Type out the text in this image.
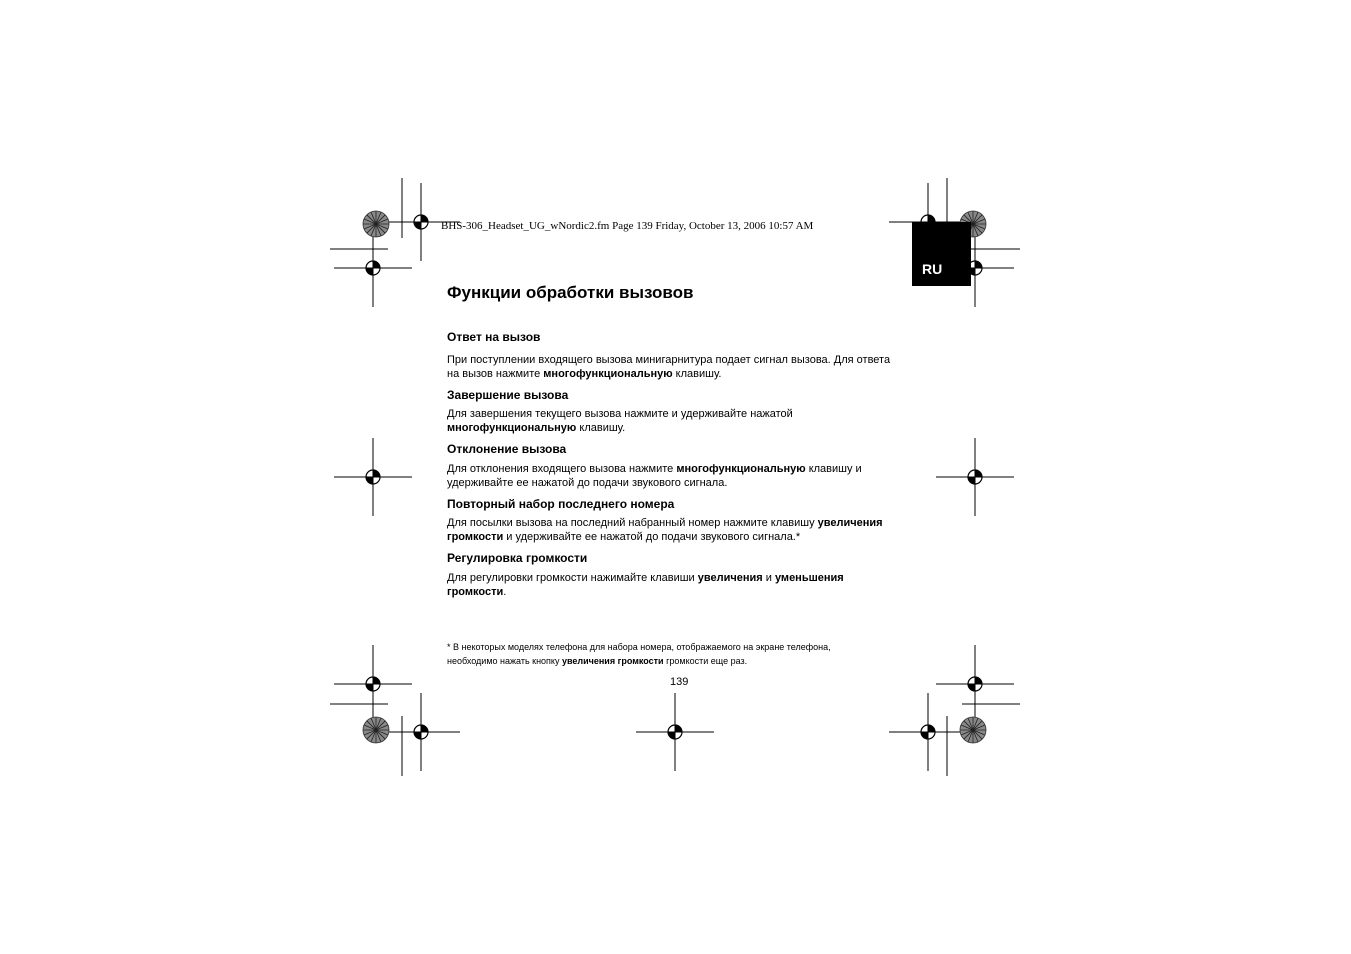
BHS-306_Headset_UG_wNordic2.fm Page 139 Friday, October 13, 2006 10:57 AM
RU
Функции обработки вызовов
Ответ на вызов
При поступлении входящего вызова минигарнитура подает сигнал вызова. Для ответа
на вызов нажмите многофункциональную клавишу.
Завершение вызова
Для завершения текущего вызова нажмите и удерживайте нажатой
многофункциональную клавишу.
Отклонение вызова
Для отклонения входящего вызова нажмите многофункциональную клавишу и
удерживайте ее нажатой до подачи звукового сигнала.
Повторный набор последнего номера
Для посылки вызова на последний набранный номер нажмите клавишу увеличения
громкости и удерживайте ее нажатой до подачи звукового сигнала.*
Регулировка громкости
Для регулировки громкости нажимайте клавиши увеличения и уменьшения
громкости.
* В некоторых моделях телефона для набора номера, отображаемого на экране телефона,
необходимо нажать кнопку увеличения громкости громкости еще раз.
139
